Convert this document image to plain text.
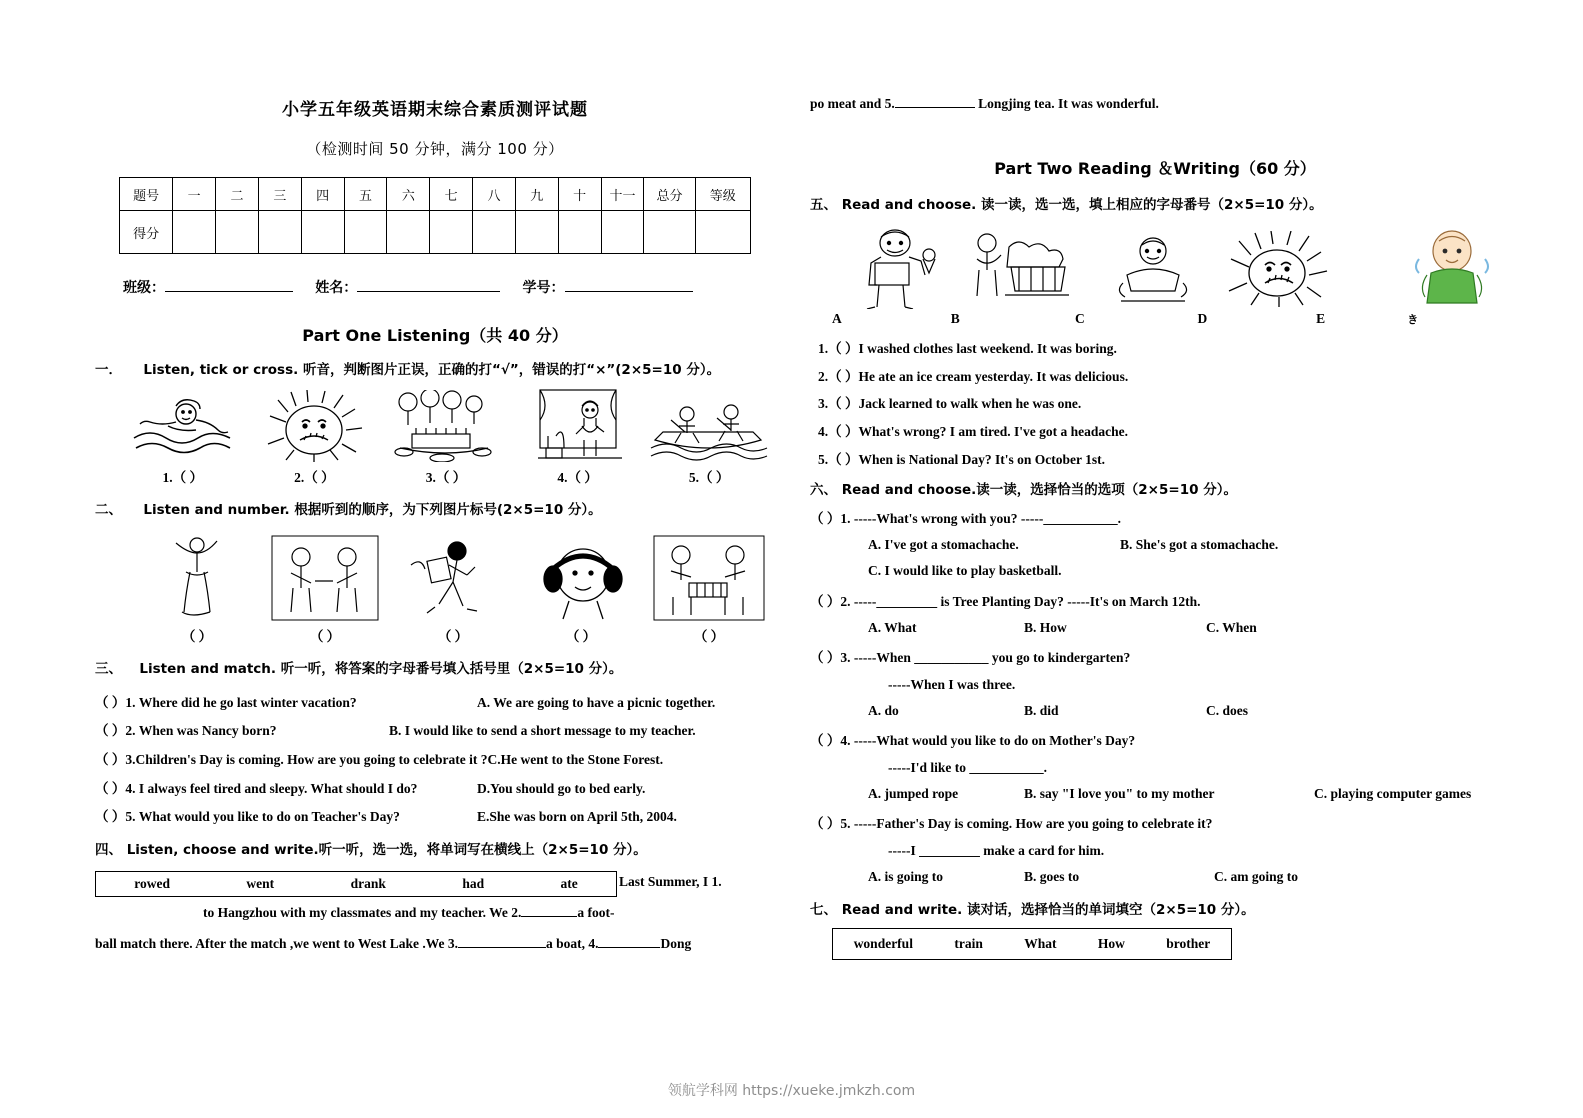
小学五年级英语期末综合素质测评试题
（检测时间 50 分钟，满分 100 分）
题号	一	二	三	四	五	六	七	八	九	十	十一	总分	等级
得分													
班级：	姓名：	学号：
Part One Listening（共 40 分）
一． Listen, tick or cross. 听音，判断图片正误，正确的打“√”，错误的打“×”(2×5=10 分）。
1.（ ）	2.（ ）	3.（ ）	4.（ ）	5.（ ）
二、 Listen and number. 根据听到的顺序，为下列图片标号(2×5=10 分）。
（ ）	（ ）	（ ）	（ ）	（ ）
三、 Listen and match. 听一听，将答案的字母番号填入括号里（2×5=10 分）。
（ ）1. Where did he go last winter vacation?	A. We are going to have a picnic together.
（ ）2. When was Nancy born?	B. I would like to send a short message to my teacher.
（ ）3.Children's Day is coming. How are you going to celebrate it ?C.He went to the Stone Forest.
（ ）4. I always feel tired and sleepy. What should I do?	D.You should go to bed early.
（ ）5. What would you like to do on Teacher's Day?	E.She was born on April 5th, 2004.
四、 Listen, choose and write.听一听，选一选，将单词写在横线上（2×5=10 分）。
rowed	went	drank	had	ate	Last Summer, I 1.
to Hangzhou with my classmates and my teacher. We 2.	a foot-
ball match there. After the match ,we went to West Lake .We 3.	a boat, 4.	Dong
po meat and 5.	Longjing tea. It was wonderful.
Part Two Reading ＆Writing（60 分）
五、 Read and choose. 读一读，选一选，填上相应的字母番号（2×5=10 分）。
A	B	C	D	E	き
1.（ ）I washed clothes last weekend. It was boring.
2.（ ）He ate an ice cream yesterday. It was delicious.
3.（ ）Jack learned to walk when he was one.
4.（ ）What's wrong? I am tired. I've got a headache.
5.（ ）When is National Day? It's on October 1st.
六、 Read and choose.读一读，选择恰当的选项（2×5=10 分）。
（ ）1. -----What's wrong with you? -----___________.
A. I've got a stomachache.	B. She's got a stomachache.
C. I would like to play basketball.
（ ）2. -----_________ is Tree Planting Day? -----It's on March 12th.
A. What	B. How	C. When
（ ）3. -----When ___________ you go to kindergarten?
-----When I was three.
A. do	B. did	C. does
（ ）4. -----What would you like to do on Mother's Day?
-----I'd like to ___________.
A. jumped rope	B. say "I love you" to my mother	C. playing computer games
（ ）5. -----Father's Day is coming. How are you going to celebrate it?
-----I _________ make a card for him.
A. is going to	B. goes to	C. am going to
七、 Read and write. 读对话，选择恰当的单词填空（2×5=10 分）。
wonderful	train	What	How	brother
领航学科网 https://xueke.jmkzh.com
